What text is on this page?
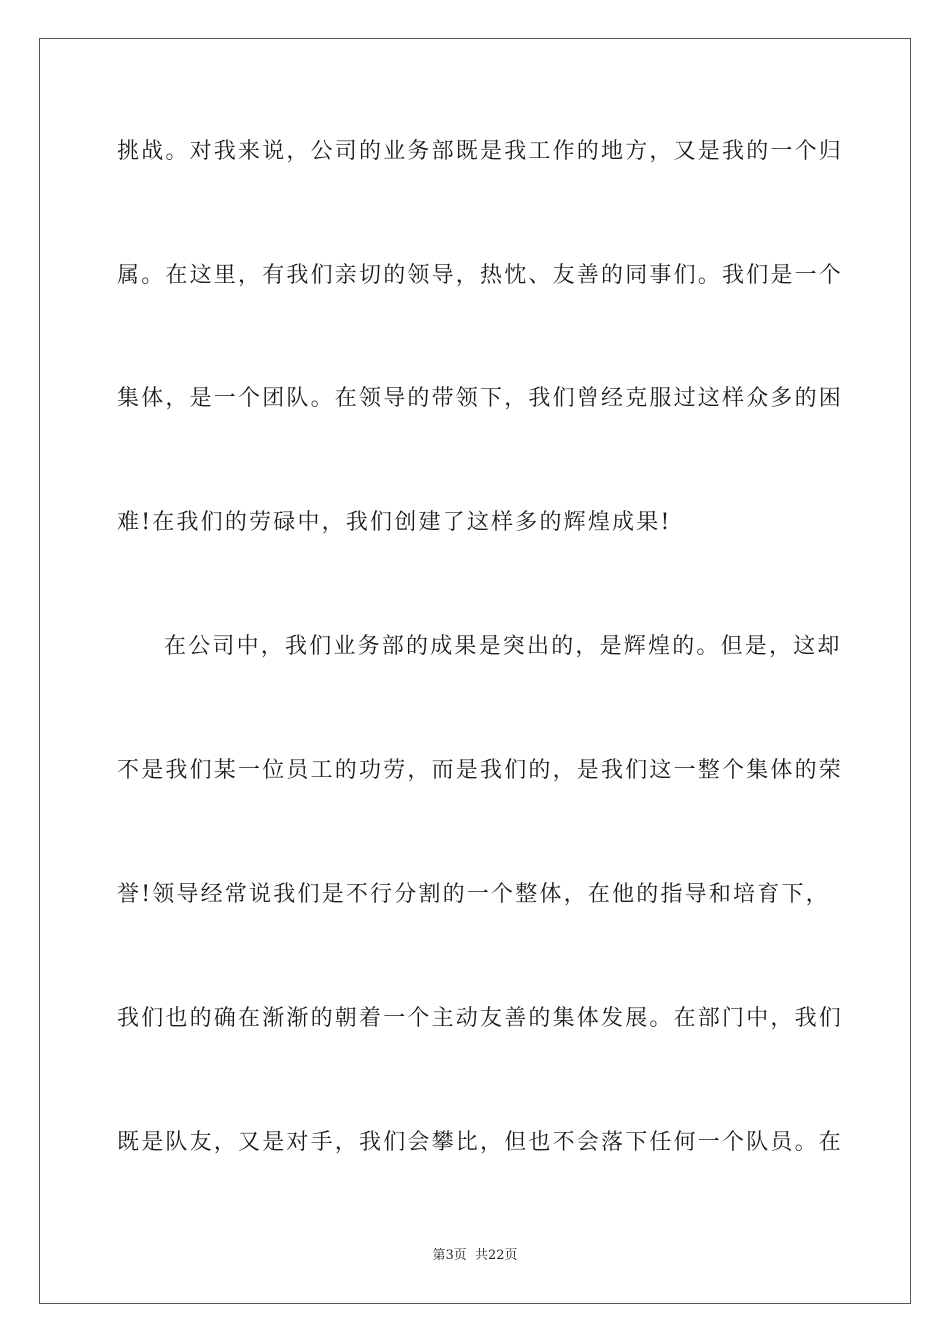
挑战。对我来说，公司的业务部既是我工作的地方，又是我的一个归
属。在这里，有我们亲切的领导，热忱、友善的同事们。我们是一个
集体，是一个团队。在领导的带领下，我们曾经克服过这样众多的困
难!在我们的劳碌中，我们创建了这样多的辉煌成果!
在公司中，我们业务部的成果是突出的，是辉煌的。但是，这却
不是我们某一位员工的功劳，而是我们的，是我们这一整个集体的荣
誉!领导经常说我们是不行分割的一个整体，在他的指导和培育下，
我们也的确在渐渐的朝着一个主动友善的集体发展。在部门中，我们
既是队友，又是对手，我们会攀比，但也不会落下任何一个队员。在
第3页 共22页
